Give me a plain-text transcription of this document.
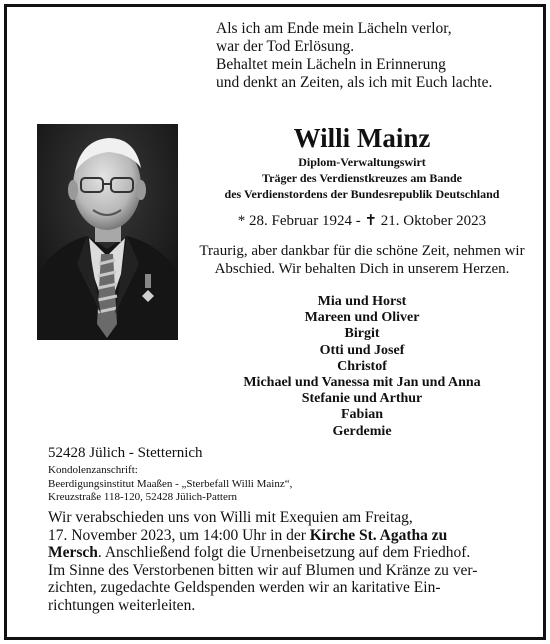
Als ich am Ende mein Lächeln verlor,
war der Tod Erlösung.
Behaltet mein Lächeln in Erinnerung
und denkt an Zeiten, als ich mit Euch lachte.
Willi Mainz
Diplom-Verwaltungswirt
Träger des Verdienstkreuzes am Bande
des Verdienstordens der Bundesrepublik Deutschland
* 28. Februar 1924 - ✝ 21. Oktober 2023
Traurig, aber dankbar für die schöne Zeit, nehmen wir
Abschied. Wir behalten Dich in unserem Herzen.
Mia und Horst
Mareen und Oliver
Birgit
Otti und Josef
Christof
Michael und Vanessa mit Jan und Anna
Stefanie und Arthur
Fabian
Gerdemie
52428 Jülich - Stetternich
Kondolenzanschrift:
Beerdigungsinstitut Maaßen - „Sterbefall Willi Mainz“,
Kreuzstraße 118-120, 52428 Jülich-Pattern
Wir verabschieden uns von Willi mit Exequien am Freitag,
17. November 2023, um 14:00 Uhr in der Kirche St. Agatha zu
Mersch. Anschließend folgt die Urnenbeisetzung auf dem Friedhof.
Im Sinne des Verstorbenen bitten wir auf Blumen und Kränze zu ver-
zichten, zugedachte Geldspenden werden wir an karitative Ein-
richtungen weiterleiten.
